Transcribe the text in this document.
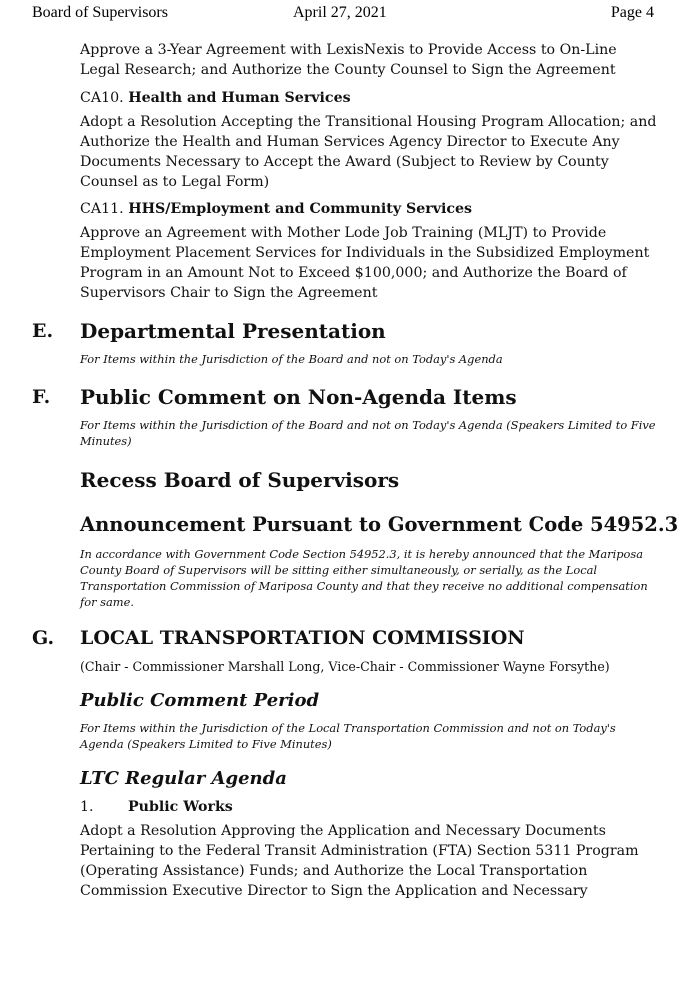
Board of Supervisors	April 27, 2021	Page 4
Approve a 3-Year Agreement with LexisNexis to Provide Access to On-Line Legal Research; and Authorize the County Counsel to Sign the Agreement
CA10. Health and Human Services
Adopt a Resolution Accepting the Transitional Housing Program Allocation; and Authorize the Health and Human Services Agency Director to Execute Any Documents Necessary to Accept the Award (Subject to Review by County Counsel as to Legal Form)
CA11. HHS/Employment and Community Services
Approve an Agreement with Mother Lode Job Training (MLJT) to Provide Employment Placement Services for Individuals in the Subsidized Employment Program in an Amount Not to Exceed $100,000; and Authorize the Board of Supervisors Chair to Sign the Agreement
E. Departmental Presentation
For Items within the Jurisdiction of the Board and not on Today's Agenda
F. Public Comment on Non-Agenda Items
For Items within the Jurisdiction of the Board and not on Today's Agenda (Speakers Limited to Five Minutes)
Recess Board of Supervisors
Announcement Pursuant to Government Code 54952.3
In accordance with Government Code Section 54952.3, it is hereby announced that the Mariposa County Board of Supervisors will be sitting either simultaneously, or serially, as the Local Transportation Commission of Mariposa County and that they receive no additional compensation for same.
G. LOCAL TRANSPORTATION COMMISSION
(Chair - Commissioner Marshall Long, Vice-Chair - Commissioner Wayne Forsythe)
Public Comment Period
For Items within the Jurisdiction of the Local Transportation Commission and not on Today's Agenda (Speakers Limited to Five Minutes)
LTC Regular Agenda
1. Public Works
Adopt a Resolution Approving the Application and Necessary Documents Pertaining to the Federal Transit Administration (FTA) Section 5311 Program (Operating Assistance) Funds; and Authorize the Local Transportation Commission Executive Director to Sign the Application and Necessary
